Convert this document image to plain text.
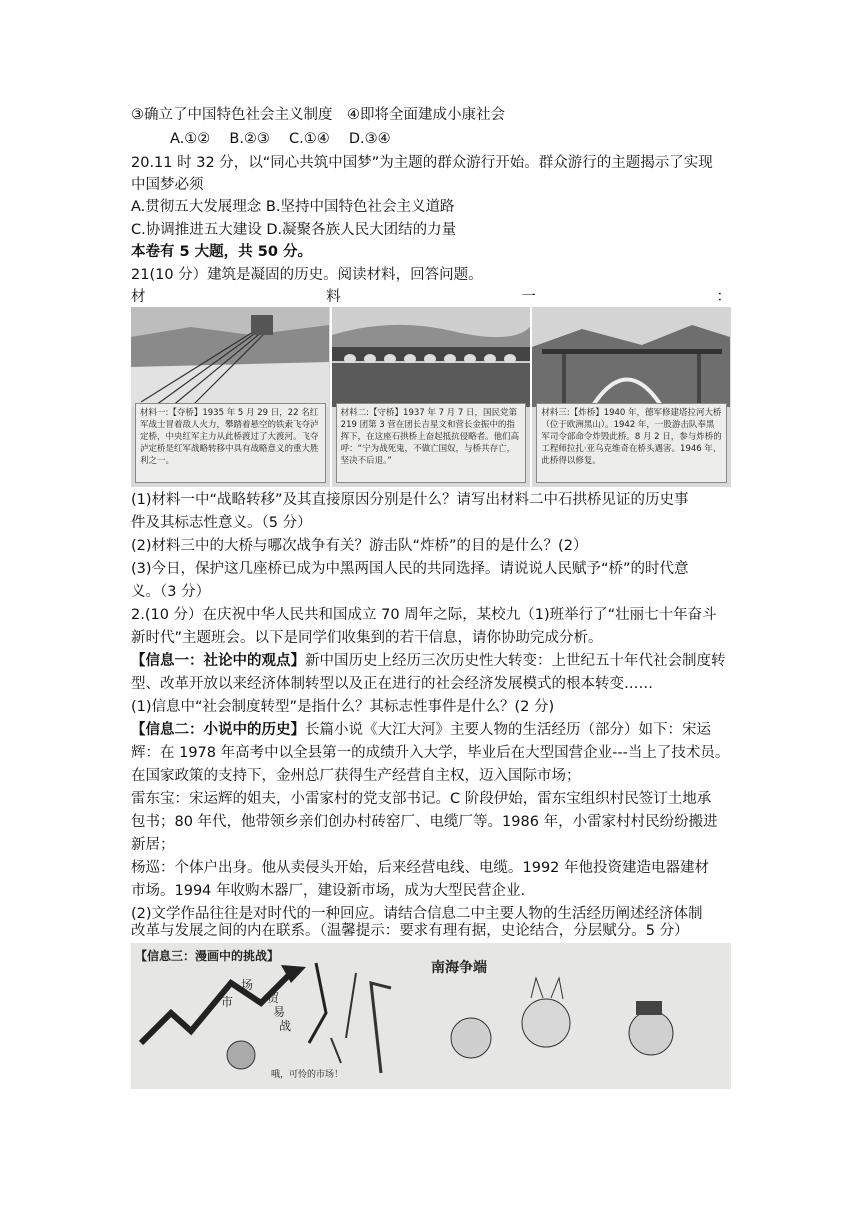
③确立了中国特色社会主义制度　④即将全面建成小康社会
A.①②　 B.②③　 C.①④　 D.③④
20.11 时 32 分，以“同心共筑中国梦”为主题的群众游行开始。群众游行的主题揭示了实现
中国梦必须
A.贯彻五大发展理念 B.坚持中国特色社会主义道路
C.协调推进五大建设 D.凝聚各族人民大团结的力量
本卷有 5 大题，共 50 分。
21(10 分）建筑是凝固的历史。阅读材料，回答问题。
材	料	一	：
材料一:【夺桥】1935 年 5 月 29 日，22 名红军战士冒着敌人火力，攀踏着悬空的铁索飞夺泸定桥，中央红军主力从此桥渡过了大渡河。飞夺泸定桥是红军战略转移中具有战略意义的重大胜利之一。
材料二:【守桥】1937 年 7 月 7 日，国民党第 219 团第 3 营在团长吉星文和营长金振中的指挥下，在这座石拱桥上奋起抵抗侵略者。他们高呼：“宁为战死鬼，不做亡国奴，与桥共存亡，坚决不后退。”
材料三:【炸桥】1940 年，德军修建塔拉河大桥（位于欧洲黑山）。1942 年，一股游击队奉黑军司令部命令炸毁此桥。8 月 2 日，参与炸桥的工程师拉扎·亚乌克维奇在桥头遇害。1946 年，此桥得以修复。
(1)材料一中“战略转移”及其直接原因分别是什么？请写出材料二中石拱桥见证的历史事
件及其标志性意义。（5 分）
(2)材料三中的大桥与哪次战争有关？游击队“炸桥”的目的是什么？(2）
(3)今日，保护这几座桥已成为中黑两国人民的共同选择。请说说人民赋予“桥”的时代意
义。（3 分）
2.(10 分）在庆祝中华人民共和国成立 70 周年之际，某校九（1)班举行了“壮丽七十年奋斗
新时代”主题班会。以下是同学们收集到的若干信息，请你协助完成分析。
【信息一：社论中的观点】新中国历史上经历三次历史性大转变：上世纪五十年代社会制度转
型、改革开放以来经济体制转型以及正在进行的社会经济发展模式的根本转变……
(1)信息中“社会制度转型”是指什么？其标志性事件是什么？(2 分)
【信息二：小说中的历史】长篇小说《大江大河》主要人物的生活经历（部分）如下：宋运
辉：在 1978 年高考中以全县第一的成绩升入大学，毕业后在大型国营企业---当上了技术员。
在国家政策的支持下，金州总厂获得生产经营自主权，迈入国际市场；
雷东宝：宋运辉的姐夫，小雷家村的党支部书记。C 阶段伊始，雷东宝组织村民签订土地承
包书；80 年代，他带领乡亲们创办村砖窑厂、电缆厂等。1986 年，小雷家村村民纷纷搬进
新居；
杨巡：个体户出身。他从卖侵头开始，后来经营电线、电缆。1992 年他投资建造电器建材
市场。1994 年收购木器厂，建设新市场，成为大型民营企业.
(2)文学作品往往是对时代的一种回应。请结合信息二中主要人物的生活经历阐述经济体制
改革与发展之间的内在联系。（温馨提示：要求有理有据，史论结合，分层赋分。5 分）
【信息三：漫画中的挑战】
市
场
贸
易
战
哦，可怜的市场！
南海争端
